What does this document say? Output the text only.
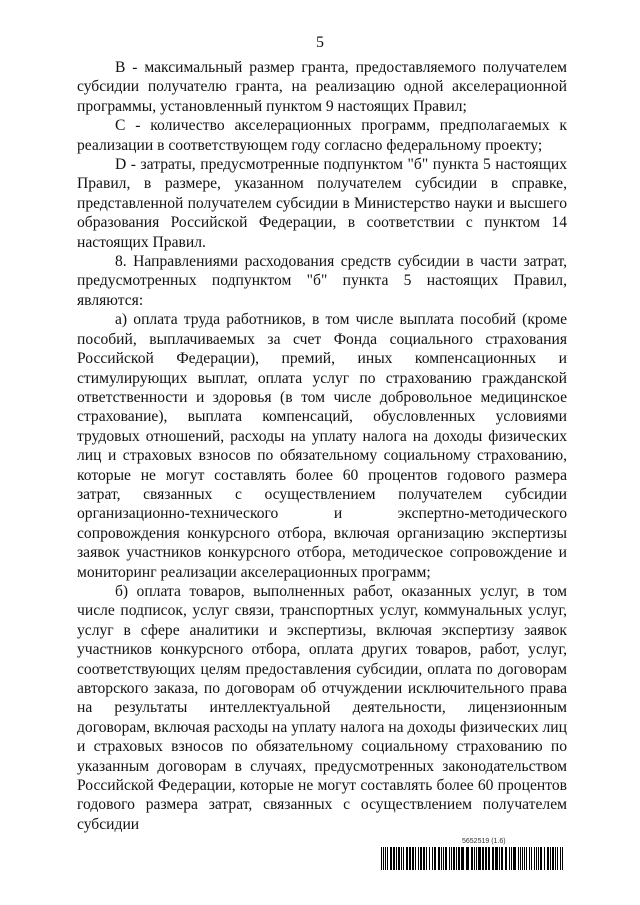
5

B - максимальный размер гранта, предоставляемого получателем субсидии получателю гранта, на реализацию одной акселерационной программы, установленный пунктом 9 настоящих Правил;

C - количество акселерационных программ, предполагаемых к реализации в соответствующем году согласно федеральному проекту;

D - затраты, предусмотренные подпунктом "б" пункта 5 настоящих Правил, в размере, указанном получателем субсидии в справке, представленной получателем субсидии в Министерство науки и высшего образования Российской Федерации, в соответствии с пунктом 14 настоящих Правил.

8. Направлениями расходования средств субсидии в части затрат, предусмотренных подпунктом "б" пункта 5 настоящих Правил, являются:

а) оплата труда работников, в том числе выплата пособий (кроме пособий, выплачиваемых за счет Фонда социального страхования Российской Федерации), премий, иных компенсационных и стимулирующих выплат, оплата услуг по страхованию гражданской ответственности и здоровья (в том числе добровольное медицинское страхование), выплата компенсаций, обусловленных условиями трудовых отношений, расходы на уплату налога на доходы физических лиц и страховых взносов по обязательному социальному страхованию, которые не могут составлять более 60 процентов годового размера затрат, связанных с осуществлением получателем субсидии организационно-технического и экспертно-методического сопровождения конкурсного отбора, включая организацию экспертизы заявок участников конкурсного отбора, методическое сопровождение и мониторинг реализации акселерационных программ;

б) оплата товаров, выполненных работ, оказанных услуг, в том числе подписок, услуг связи, транспортных услуг, коммунальных услуг, услуг в сфере аналитики и экспертизы, включая экспертизу заявок участников конкурсного отбора, оплата других товаров, работ, услуг, соответствующих целям предоставления субсидии, оплата по договорам авторского заказа, по договорам об отчуждении исключительного права на результаты интеллектуальной деятельности, лицензионным договорам, включая расходы на уплату налога на доходы физических лиц и страховых взносов по обязательному социальному страхованию по указанным договорам в случаях, предусмотренных законодательством Российской Федерации, которые не могут составлять более 60 процентов годового размера затрат, связанных с осуществлением получателем субсидии

5652519 (1.6)
